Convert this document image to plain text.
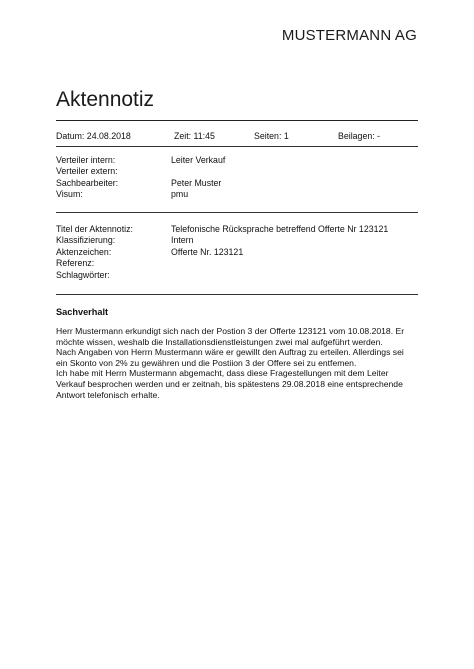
MUSTERMANN AG
Aktennotiz
Datum: 24.08.2018	Zeit: 11:45	Seiten: 1	Beilagen: -
Verteiler intern:	Leiter Verkauf
Verteiler extern:
Sachbearbeiter:	Peter Muster
Visum:	pmu
Titel der Aktennotiz:	Telefonische Rücksprache betreffend Offerte Nr 123121
Klassifizierung:	Intern
Aktenzeichen:	Offerte Nr. 123121
Referenz:
Schlagwörter:
Sachverhalt

Herr Mustermann erkundigt sich nach der Postion 3 der Offerte 123121 vom 10.08.2018. Er
möchte wissen, weshalb die Installationsdienstleistungen zwei mal aufgeführt werden.
Nach Angaben von Herrn Mustermann wäre er gewillt den Auftrag zu erteilen. Allerdings sei
ein Skonto von 2% zu gewähren und die Postiion 3 der Offere sei zu entfemen.
Ich habe mit Herrn Mustermann abgemacht, dass diese Fragestellungen mit dem Leiter
Verkauf besprochen werden und er zeitnah, bis spätestens 29.08.2018 eine entsprechende
Antwort telefonisch erhalte.
